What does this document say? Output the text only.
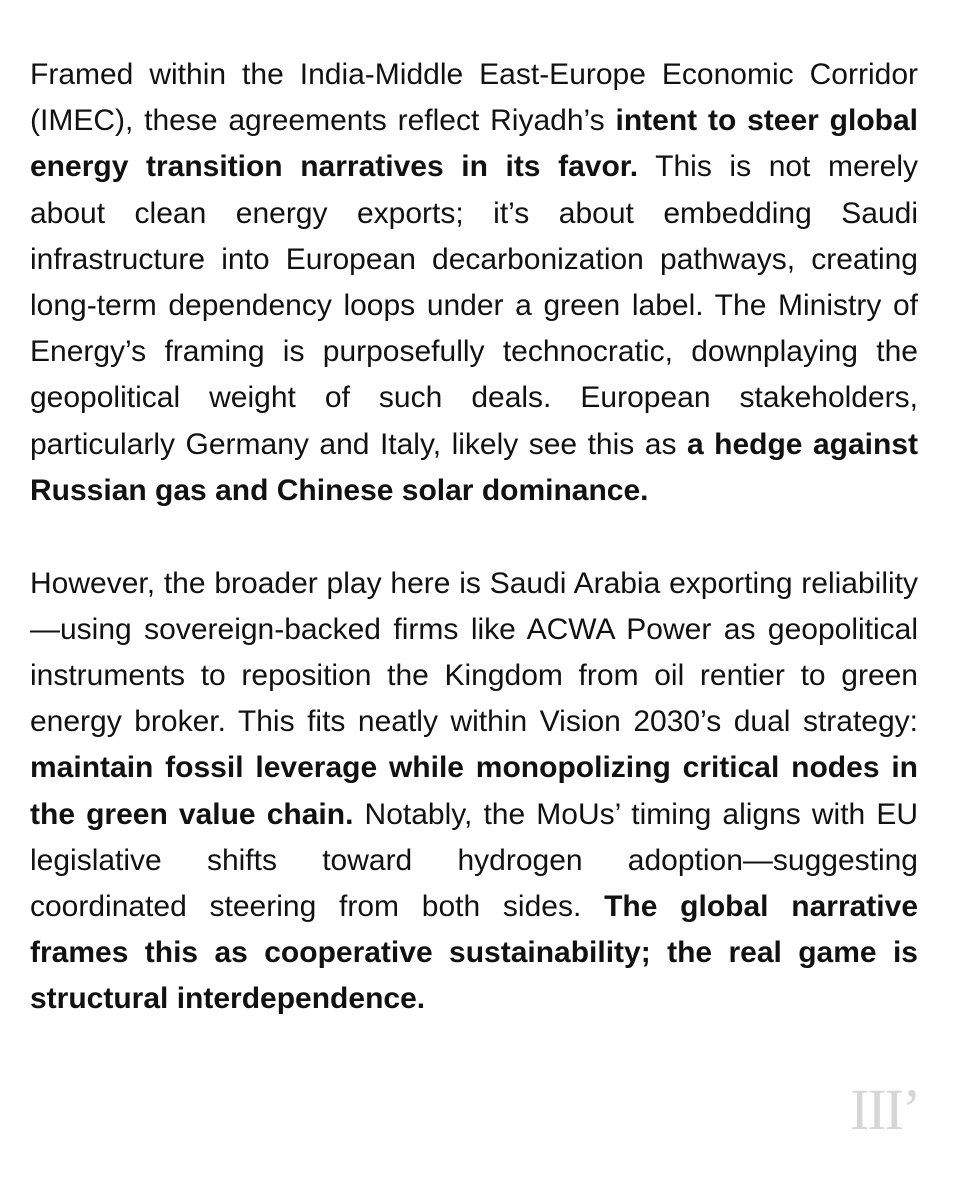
Framed within the India-Middle East-Europe Economic Corridor (IMEC), these agreements reflect Riyadh’s intent to steer global energy transition narratives in its favor. This is not merely about clean energy exports; it’s about embedding Saudi infrastructure into European decarbonization pathways, creating long-term dependency loops under a green label. The Ministry of Energy’s framing is purposefully technocratic, downplaying the geopolitical weight of such deals. European stakeholders, particularly Germany and Italy, likely see this as a hedge against Russian gas and Chinese solar dominance.

However, the broader play here is Saudi Arabia exporting reliability—using sovereign-backed firms like ACWA Power as geopolitical instruments to reposition the Kingdom from oil rentier to green energy broker. This fits neatly within Vision 2030’s dual strategy: maintain fossil leverage while monopolizing critical nodes in the green value chain. Notably, the MoUs’ timing aligns with EU legislative shifts toward hydrogen adoption—suggesting coordinated steering from both sides. The global narrative frames this as cooperative sustainability; the real game is structural interdependence.

III’
